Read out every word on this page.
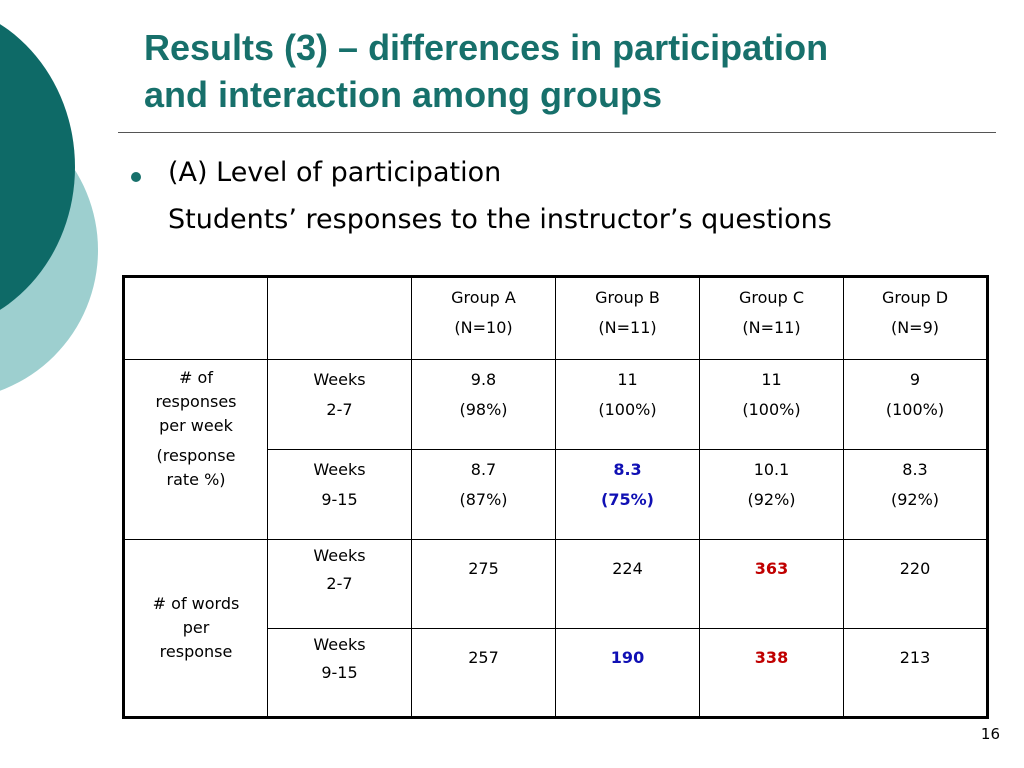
Results (3) – differences in participation
and interaction among groups
(A) Level of participation
Students’ responses to the instructor’s questions

		Group A
(N=10)	Group B
(N=11)	Group C
(N=11)	Group D
(N=9)

# of
responses
per week
(response
rate %)	Weeks
2-7	9.8
(98%)	11
(100%)	11
(100%)	9
(100%)

	Weeks
9-15	8.7
(87%)	8.3
(75%)	10.1
(92%)	8.3
(92%)

# of words
per
response	Weeks
2-7	275	224	363	220

	Weeks
9-15	257	190	338	213
16
